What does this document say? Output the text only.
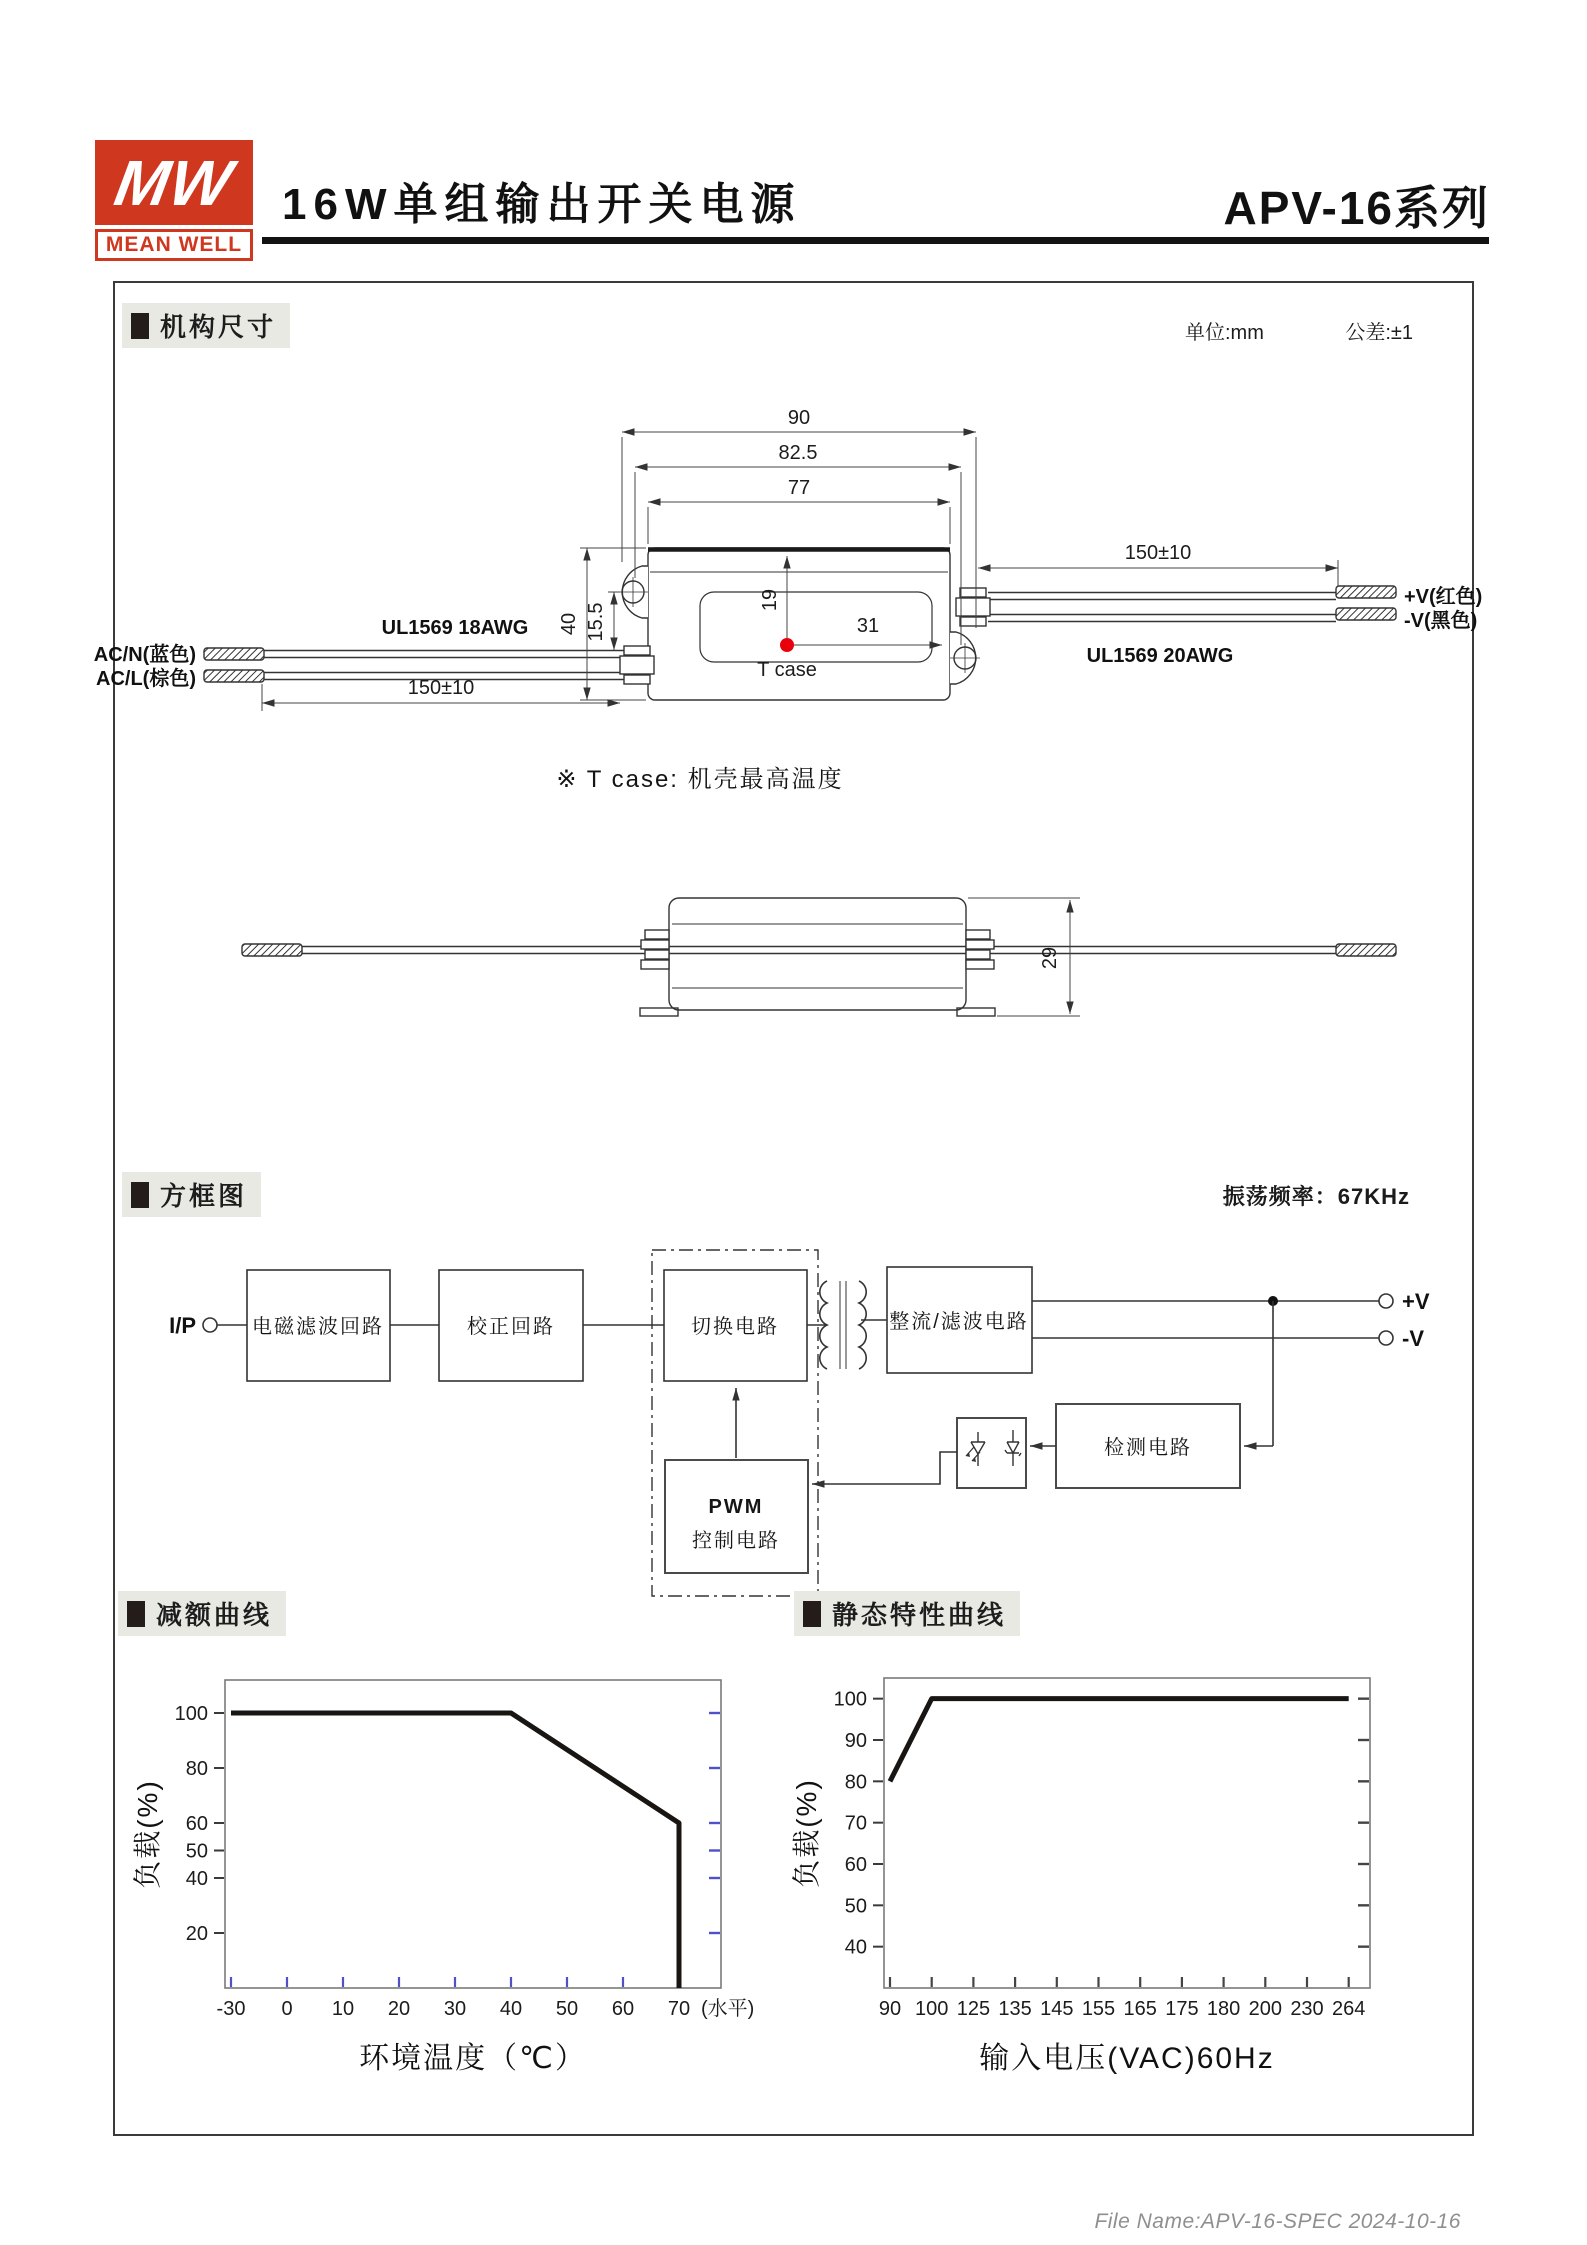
90
82.5
77
40 15.5
19
31
150±10
150±10
AC/N(蓝色)
AC/L(棕色)
UL1569 18AWG
UL1569 20AWG
+V(红色)
-V(黑色)
T case
※ T case: 机壳最高温度
29
I/P	电磁滤波回路	校正回路	切换电路
PWM
控制电路
整流/滤波电路
检测电路
+V
-V
20
40
50
60
80
100
-30 0 10 20 30 40 50 60 70 (水平)
环境温度（℃）
负载(%)
40
50
60
70
80
90
100
90 100 125 135 145 155 165 175 180 200 230 264
输入电压(VAC)60Hz
负载(%)
MW
MEAN WELL
16W单组输出开关电源	APV-16系列
机构尺寸
方框图
减额曲线	静态特性曲线
单位:mm	公差:±1
振荡频率：67KHz
File Name:APV-16-SPEC 2024-10-16
